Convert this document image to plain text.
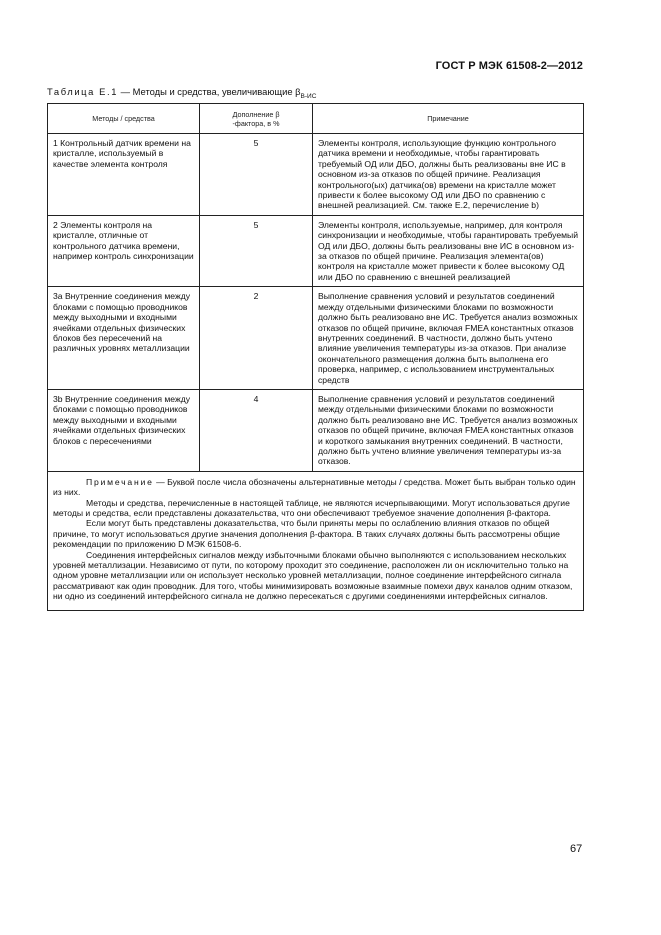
ГОСТ Р МЭК 61508-2—2012
Таблица Е.1 — Методы и средства, увеличивающие $\beta_{B-ИС}$
Методы / средства	Дополнение β -фактора, в %	Примечание

1 Контрольный датчик времени на кристалле, используемый в качестве элемента контроля	5	Элементы контроля, использующие функцию контрольного датчика времени и необходимые, чтобы гарантировать требуемый ОД или ДБО, должны быть реализованы вне ИС в основном из-за отказов по общей причине. Реализация контрольного(ых) датчика(ов) времени на кристалле может привести к более высокому ОД или ДБО по сравнению с внешней реализацией. См. также Е.2, перечисление b)

2 Элементы контроля на кристалле, отличные от контрольного датчика времени, например контроль синхронизации	5	Элементы контроля, используемые, например, для контроля синхронизации и необходимые, чтобы гарантировать требуемый ОД или ДБО, должны быть реализованы вне ИС в основном из-за отказов по общей причине. Реализация элемента(ов) контроля на кристалле может привести к более высокому ОД или ДБО по сравнению с внешней реализацией

3а Внутренние соединения между блоками с помощью проводников между выходными и входными ячейками отдельных физических блоков без пересечений на различных уровнях металлизации	2	Выполнение сравнения условий и результатов соединений между отдельными физическими блоками по возможности должно быть реализовано вне ИС. Требуется анализ возможных отказов по общей причине, включая FMEA константных отказов внутренних соединений. В частности, должно быть учтено влияние увеличения температуры из-за отказов. При анализе окончательного размещения должна быть выполнена его проверка, например, с использованием инструментальных средств

3b Внутренние соединения между блоками с помощью проводников между выходными и входными ячейками отдельных физических блоков с пересечениями	4	Выполнение сравнения условий и результатов соединений между отдельными физическими блоками по возможности должно быть реализовано вне ИС. Требуется анализ возможных отказов по общей причине, включая FMEA константных отказов и короткого замыкания внутренних соединений. В частности, должно быть учтено влияние увеличения температуры из-за отказов.

Примечание — Буквой после числа обозначены альтернативные методы / средства. Может быть выбран только один из них.

Методы и средства, перечисленные в настоящей таблице, не являются исчерпывающими. Могут использоваться другие методы и средства, если представлены доказательства, что они обеспечивают требуемое значение дополнения β-фактора.

Если могут быть представлены доказательства, что были приняты меры по ослаблению влияния отказов по общей причине, то могут использоваться другие значения дополнения β-фактора. В таких случаях должны быть рассмотрены общие рекомендации по приложению D МЭК 61508-6.

Соединения интерфейсных сигналов между избыточными блоками обычно выполняются с использованием нескольких уровней металлизации. Независимо от пути, по которому проходит это соединение, расположен ли он исключительно только на одном уровне металлизации или он использует несколько уровней металлизации, полное соединение интерфейсного сигнала рассматривают как один проводник. Для того, чтобы минимизировать возможные взаимные помехи двух каналов одним отказом, ни одно из соединений интерфейсного сигнала не должно пересекаться с другими соединениями интерфейсных сигналов.		

67
